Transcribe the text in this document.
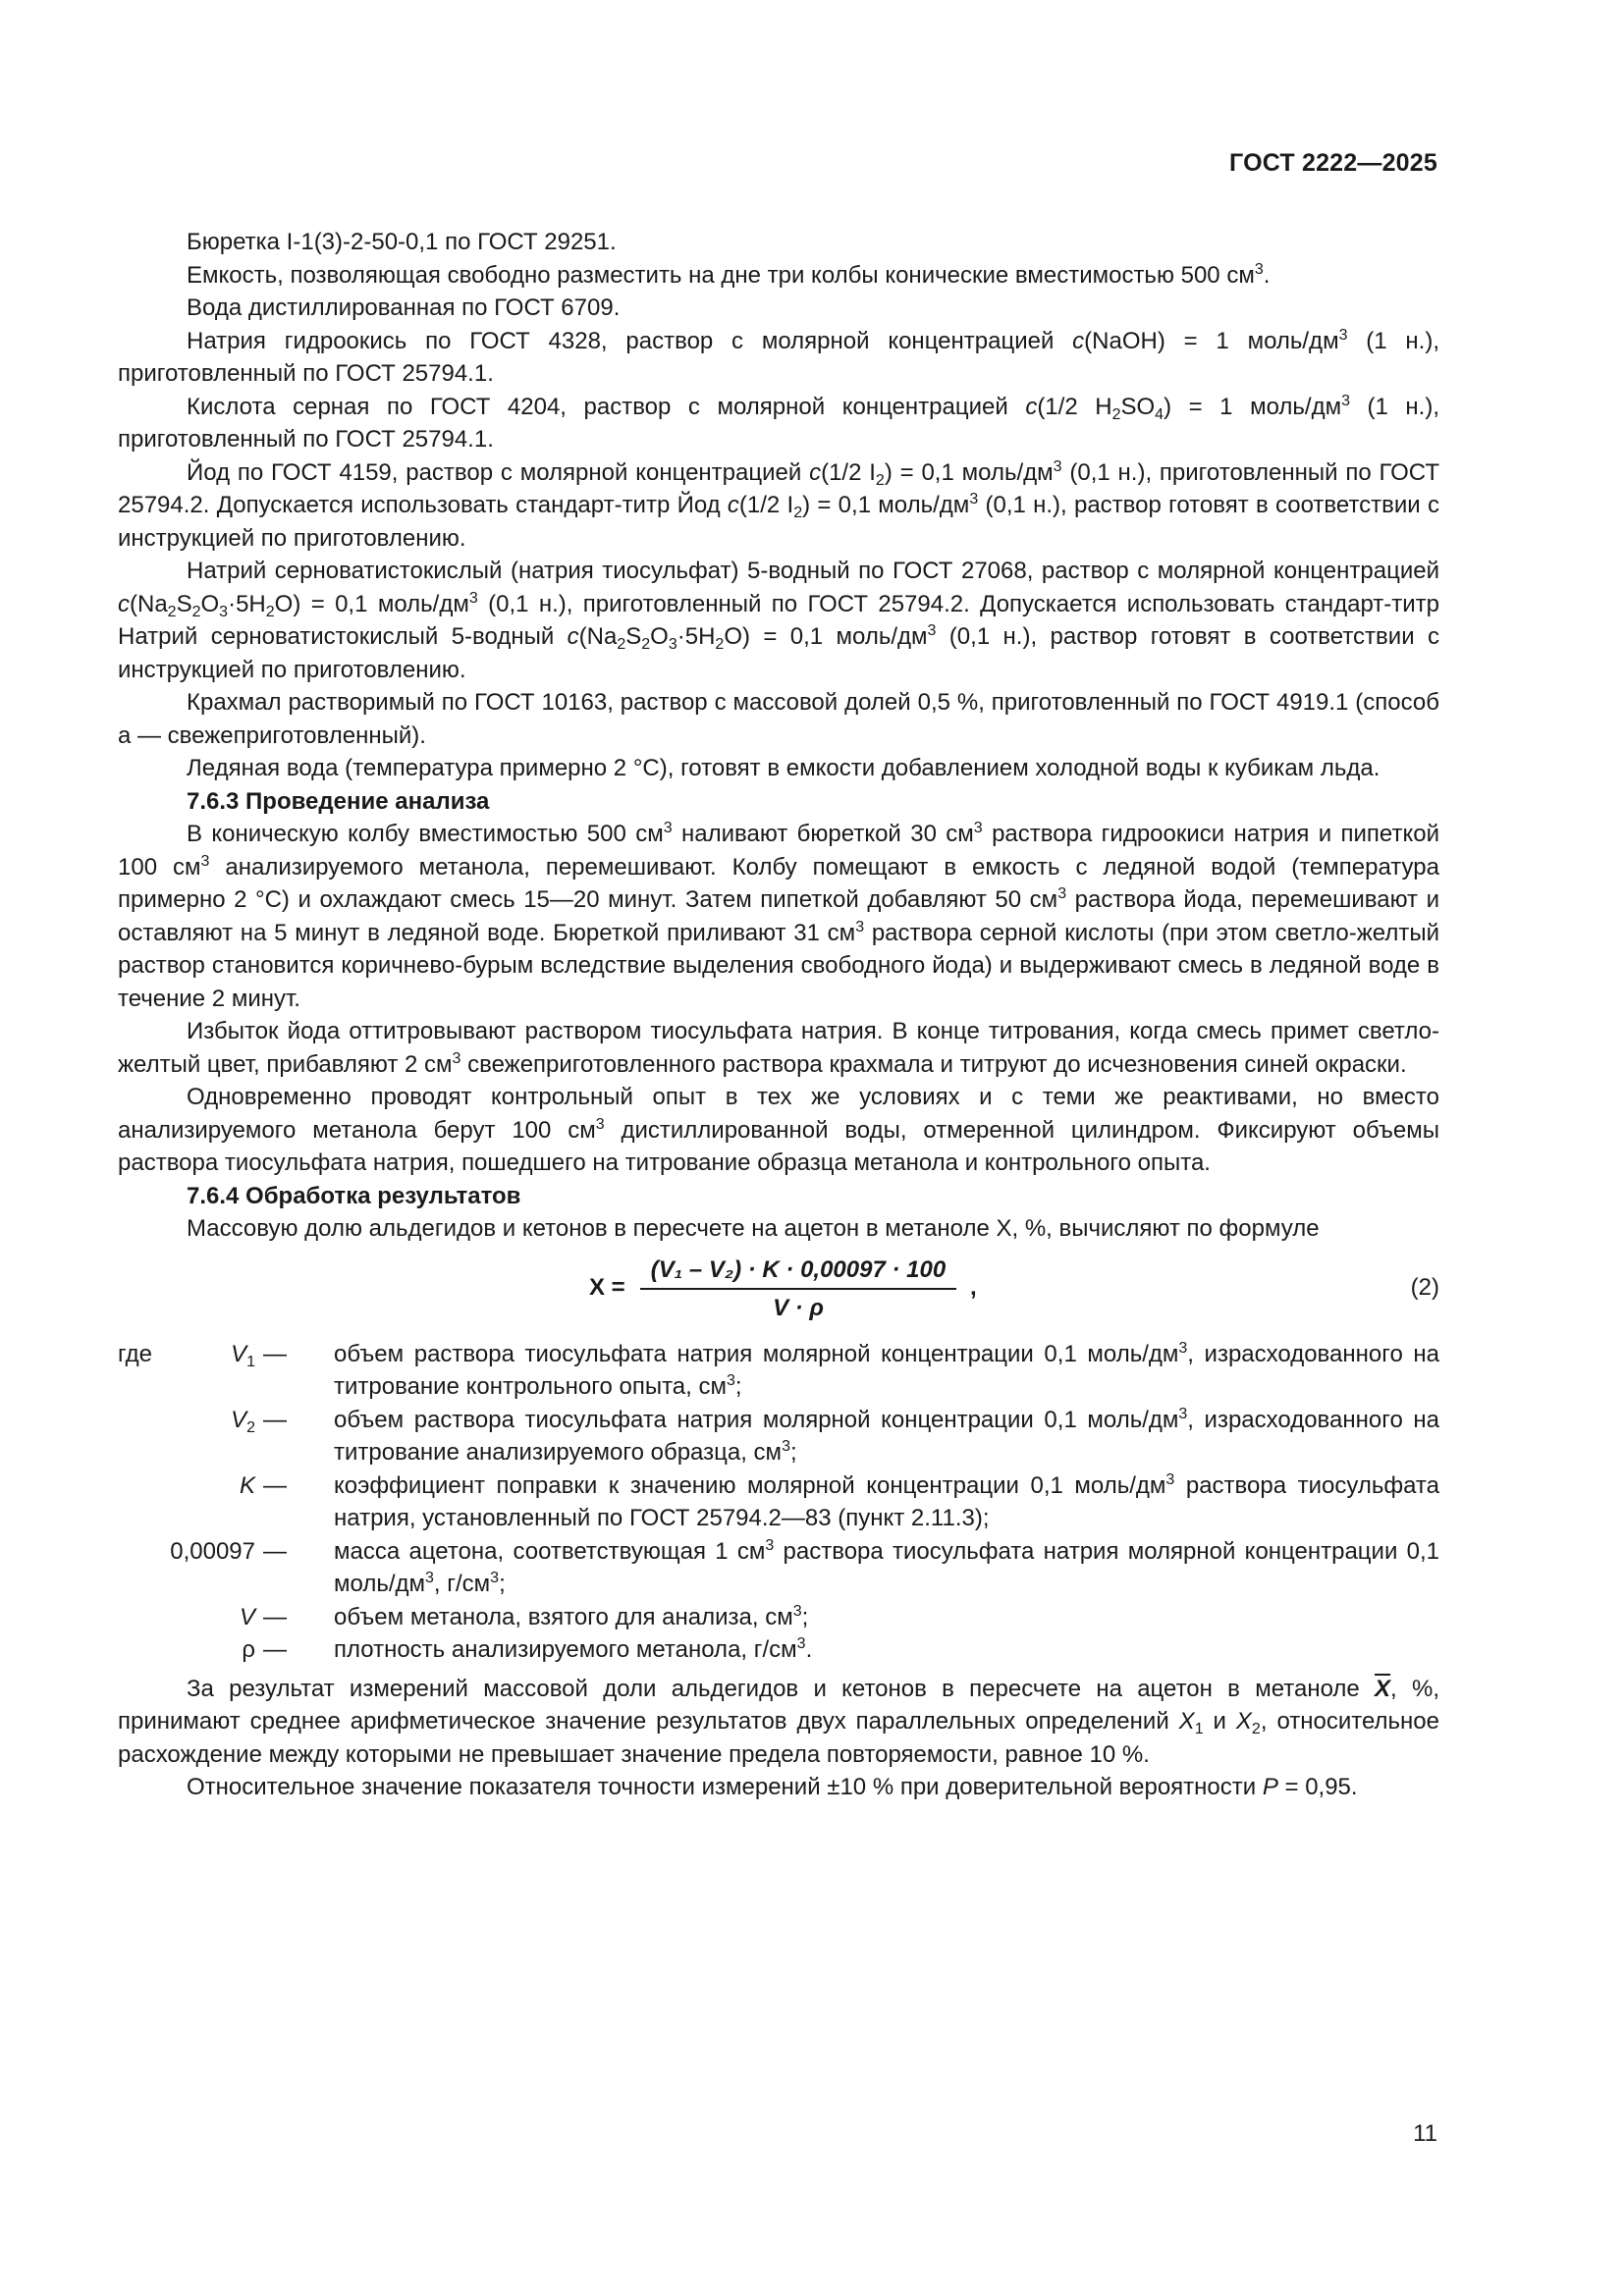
ГОСТ 2222—2025

Бюретка I-1(3)-2-50-0,1 по ГОСТ 29251.

Емкость, позволяющая свободно разместить на дне три колбы конические вместимостью 500 $см^3$.

Вода дистиллированная по ГОСТ 6709.

Натрия гидроокись по ГОСТ 4328, раствор с молярной концентрацией c(NaOH) = 1 моль/$дм^3$ (1 н.), приготовленный по ГОСТ 25794.1.

Кислота серная по ГОСТ 4204, раствор с молярной концентрацией c(1/2 $H_2SO_4) = 1$ моль/$дм^3$ (1 н.), приготовленный по ГОСТ 25794.1.

Йод по ГОСТ 4159, раствор с молярной концентрацией c(1/2 $I_2) = 0,1$ моль/$дм^3$ (0,1 н.), приготовленный по ГОСТ 25794.2. Допускается использовать стандарт-титр Йод c(1/2 $I_2) = 0,1$ моль/$дм^3$ (0,1 н.), раствор готовят в соответствии с инструкцией по приготовлению.

Натрий серноватистокислый (натрия тиосульфат) 5-водный по ГОСТ 27068, раствор с молярной концентрацией $c(Na_2S_2O_3\cdot 5H_2O) = 0,1$ моль/$дм^3$ (0,1 н.), приготовленный по ГОСТ 25794.2. Допускается использовать стандарт-титр Натрий серноватистокислый 5-водный $c(Na_2S_2O_3\cdot 5H_2O) = 0,1$ моль/$дм^3$ (0,1 н.), раствор готовят в соответствии с инструкцией по приготовлению.

Крахмал растворимый по ГОСТ 10163, раствор с массовой долей 0,5 %, приготовленный по ГОСТ 4919.1 (способ а — свежеприготовленный).

Ледяная вода (температура примерно 2 °С), готовят в емкости добавлением холодной воды к кубикам льда.

7.6.3 Проведение анализа

В коническую колбу вместимостью 500 $см^3$ наливают бюреткой 30 $см^3$ раствора гидроокиси натрия и пипеткой 100 $см^3$ анализируемого метанола, перемешивают. Колбу помещают в емкость с ледяной водой (температура примерно 2 °С) и охлаждают смесь 15—20 минут. Затем пипеткой добавляют 50 $см^3$ раствора йода, перемешивают и оставляют на 5 минут в ледяной воде. Бюреткой приливают 31 $см^3$ раствора серной кислоты (при этом светло-желтый раствор становится коричнево-бурым вследствие выделения свободного йода) и выдерживают смесь в ледяной воде в течение 2 минут.

Избыток йода оттитровывают раствором тиосульфата натрия. В конце титрования, когда смесь примет светло-желтый цвет, прибавляют 2 $см^3$ свежеприготовленного раствора крахмала и титруют до исчезновения синей окраски.

Одновременно проводят контрольный опыт в тех же условиях и с теми же реактивами, но вместо анализируемого метанола берут 100 $см^3$ дистиллированной воды, отмеренной цилиндром. Фиксируют объемы раствора тиосульфата натрия, пошедшего на титрование образца метанола и контрольного опыта.

7.6.4 Обработка результатов

Массовую долю альдегидов и кетонов в пересчете на ацетон в метаноле X, %, вычисляют по формуле

$X = \frac{\text{(V₁ – V₂) · K · 0,00097 · 100}}{V \cdot \rho}$ ,	(2)
где	$V_1$ — объем раствора тиосульфата натрия молярной концентрации 0,1 моль/$дм^3$, израсходованного на титрование контрольного опыта, $см^3$;
$V_2$ — объем раствора тиосульфата натрия молярной концентрации 0,1 моль/$дм^3$, израсходованного на титрование анализируемого образца, $см^3$;
K — коэффициент поправки к значению молярной концентрации 0,1 моль/$дм^3$ раствора тиосульфата натрия, установленный по ГОСТ 25794.2—83 (пункт 2.11.3);
0,00097 — масса ацетона, соответствующая 1 $см^3$ раствора тиосульфата натрия молярной концентрации 0,1 моль/$дм^3$, $г/см^3$;
V — объем метанола, взятого для анализа, $см^3$;
ρ — плотность анализируемого метанола, $г/см^3$.

За результат измерений массовой доли альдегидов и кетонов в пересчете на ацетон в метаноле $\overline{X}$, %, принимают среднее арифметическое значение результатов двух параллельных определений $X_1$ и $X_2$, относительное расхождение между которыми не превышает значение предела повторяемости, равное 10 %.

Относительное значение показателя точности измерений ±10 % при доверительной вероятности P = 0,95.

11
